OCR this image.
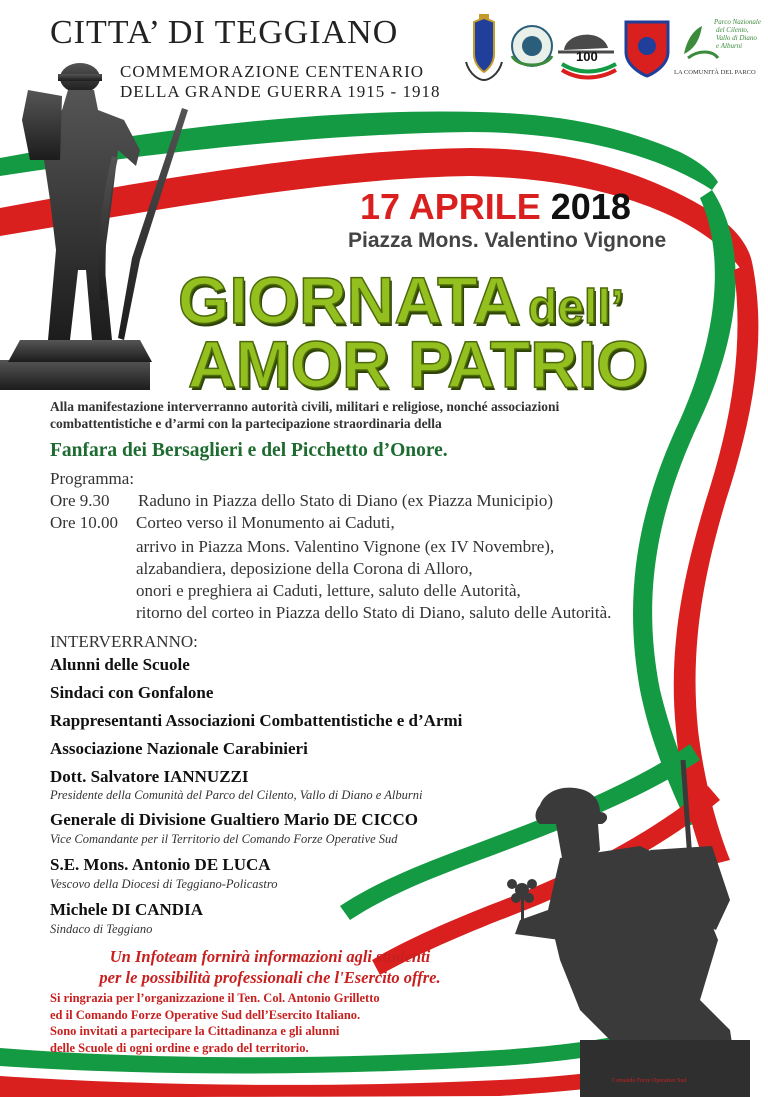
CITTA’ DI TEGGIANO
COMMEMORAZIONE CENTENARIO
DELLA GRANDE GUERRA 1915 - 1918
100
Parco Nazionale
del Cilento,
Vallo di Diano
e Alburni
LA COMUNITÀ DEL PARCO
17 APRILE 2018
Piazza Mons. Valentino Vignone
GIORNATA dell’
AMOR PATRIO
Alla manifestazione interverranno autorità civili, militari e religiose, nonché associazioni combattentistiche e d’armi con la partecipazione straordinaria della
Fanfara dei Bersaglieri e del Picchetto d’Onore.
Programma:
Ore 9.30 Raduno in Piazza dello Stato di Diano (ex Piazza Municipio)
Ore 10.00 Corteo verso il Monumento ai Caduti,
arrivo in Piazza Mons. Valentino Vignone (ex IV Novembre),
alzabandiera, deposizione della Corona di Alloro,
onori e preghiera ai Caduti, letture, saluto delle Autorità,
ritorno del corteo in Piazza dello Stato di Diano, saluto delle Autorità.
INTERVERRANNO:
Alunni delle Scuole
Sindaci con Gonfalone
Rappresentanti Associazioni Combattentistiche e d’Armi
Associazione Nazionale Carabinieri
Dott. Salvatore IANNUZZI
Presidente della Comunità del Parco del Cilento, Vallo di Diano e Alburni
Generale di Divisione Gualtiero Mario DE CICCO
Vice Comandante per il Territorio del Comando Forze Operative Sud
S.E. Mons. Antonio DE LUCA
Vescovo della Diocesi di Teggiano-Policastro
Michele DI CANDIA
Sindaco di Teggiano
Un Infoteam fornirà informazioni agli studenti
per le possibilità professionali che l'Esercito offre.
Si ringrazia per l’organizzazione il Ten. Col. Antonio Grilletto
ed il Comando Forze Operative Sud dell’Esercito Italiano.
Sono invitati a partecipare la Cittadinanza e gli alunni
delle Scuole di ogni ordine e grado del territorio.
Comando Forze Operative Sud
